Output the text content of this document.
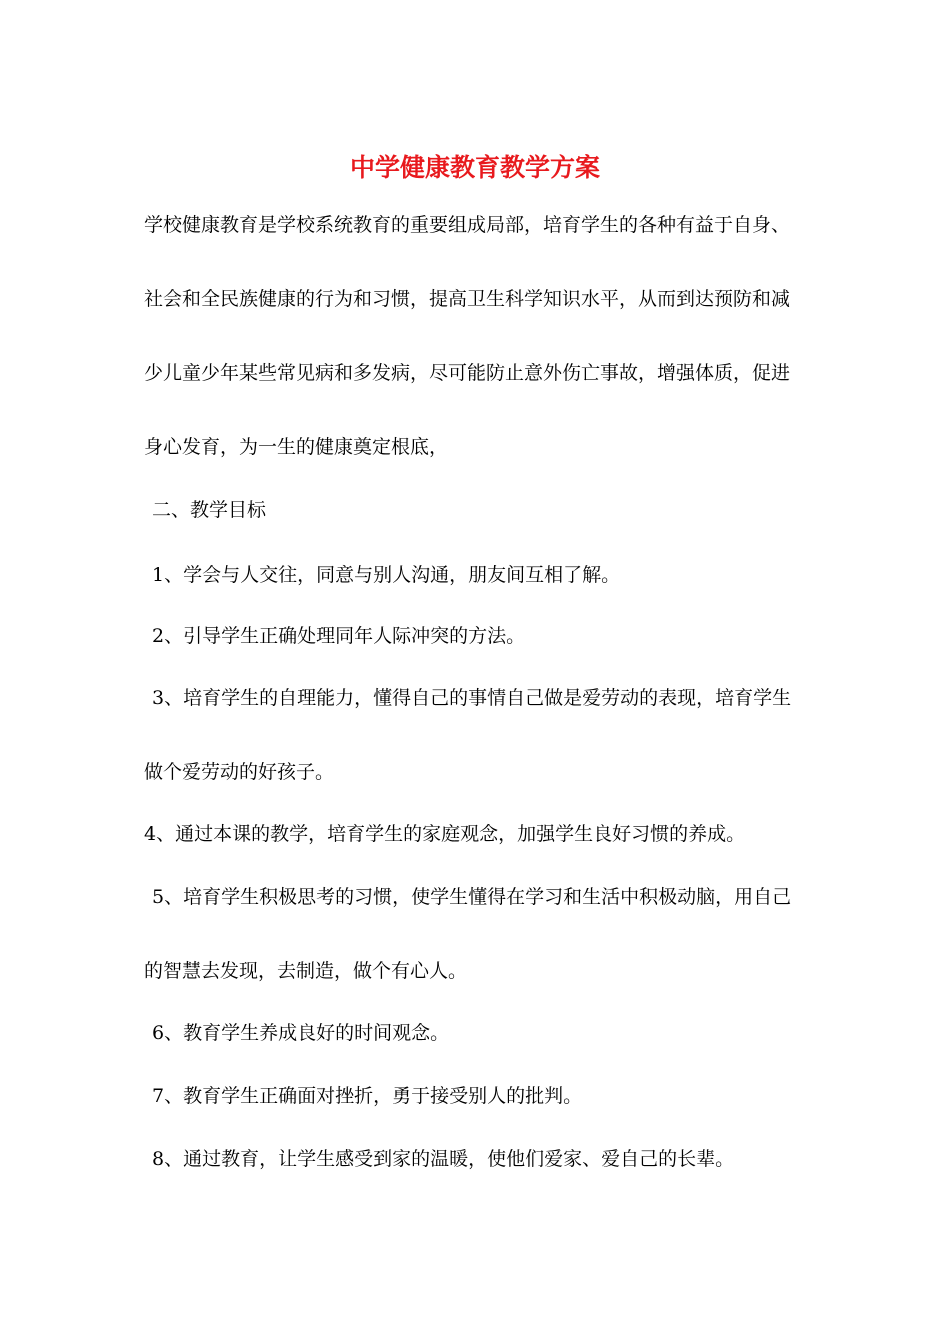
中学健康教育教学方案
学校健康教育是学校系统教育的重要组成局部，培育学生的各种有益于自身、
社会和全民族健康的行为和习惯，提高卫生科学知识水平，从而到达预防和减
少儿童少年某些常见病和多发病，尽可能防止意外伤亡事故，增强体质，促进
身心发育，为一生的健康奠定根底，
二、教学目标
1、学会与人交往，同意与别人沟通，朋友间互相了解。
2、引导学生正确处理同年人际冲突的方法。
3、培育学生的自理能力，懂得自己的事情自己做是爱劳动的表现，培育学生
做个爱劳动的好孩子。
4、通过本课的教学，培育学生的家庭观念，加强学生良好习惯的养成。
5、培育学生积极思考的习惯，使学生懂得在学习和生活中积极动脑，用自己
的智慧去发现，去制造，做个有心人。
6、教育学生养成良好的时间观念。
7、教育学生正确面对挫折，勇于接受别人的批判。
8、通过教育，让学生感受到家的温暖，使他们爱家、爱自己的长辈。
